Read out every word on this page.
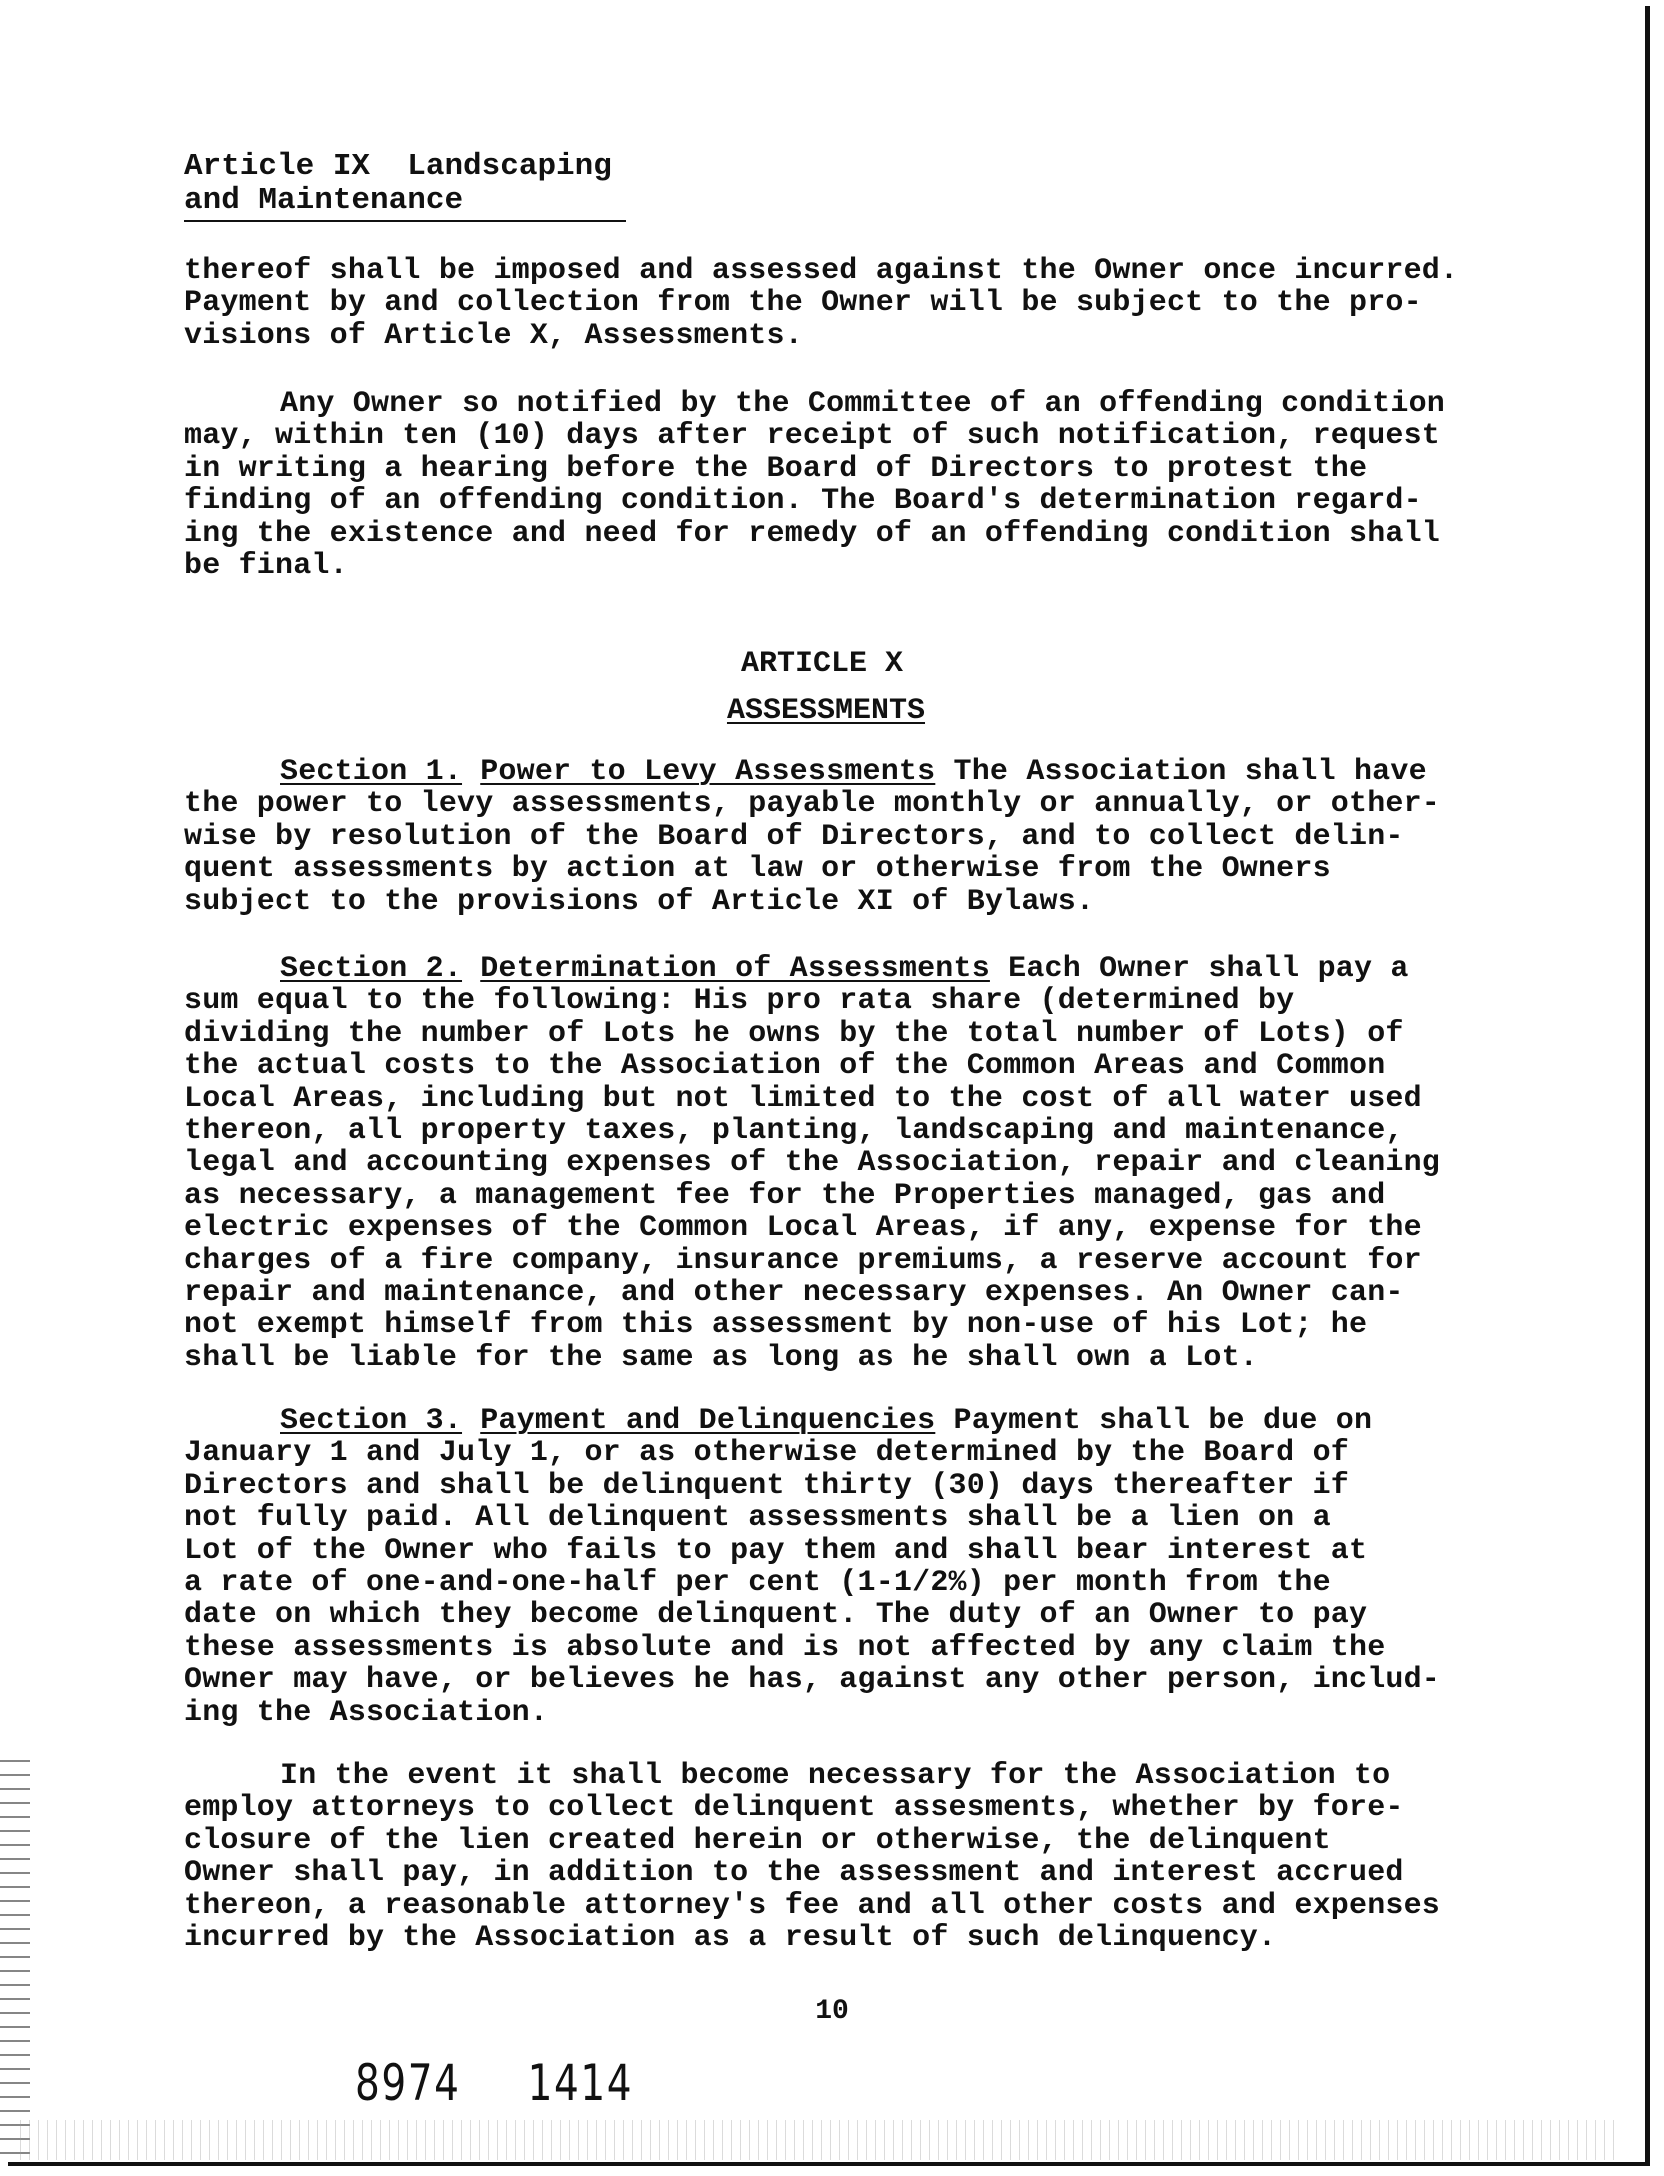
Article IX  Landscaping
and Maintenance
thereof shall be imposed and assessed against the Owner once incurred.
Payment by and collection from the Owner will be subject to the pro-
visions of Article X, Assessments.
Any Owner so notified by the Committee of an offending condition
may, within ten (10) days after receipt of such notification, request
in writing a hearing before the Board of Directors to protest the
finding of an offending condition. The Board's determination regard-
ing the existence and need for remedy of an offending condition shall
be final.
ARTICLE X
ASSESSMENTS
Section 1. Power to Levy Assessments The Association shall have
the power to levy assessments, payable monthly or annually, or other-
wise by resolution of the Board of Directors, and to collect delin-
quent assessments by action at law or otherwise from the Owners
subject to the provisions of Article XI of Bylaws.
Section 2. Determination of Assessments Each Owner shall pay a
sum equal to the following: His pro rata share (determined by
dividing the number of Lots he owns by the total number of Lots) of
the actual costs to the Association of the Common Areas and Common
Local Areas, including but not limited to the cost of all water used
thereon, all property taxes, planting, landscaping and maintenance,
legal and accounting expenses of the Association, repair and cleaning
as necessary, a management fee for the Properties managed, gas and
electric expenses of the Common Local Areas, if any, expense for the
charges of a fire company, insurance premiums, a reserve account for
repair and maintenance, and other necessary expenses. An Owner can-
not exempt himself from this assessment by non-use of his Lot; he
shall be liable for the same as long as he shall own a Lot.
Section 3. Payment and Delinquencies Payment shall be due on
January 1 and July 1, or as otherwise determined by the Board of
Directors and shall be delinquent thirty (30) days thereafter if
not fully paid. All delinquent assessments shall be a lien on a
Lot of the Owner who fails to pay them and shall bear interest at
a rate of one-and-one-half per cent (1-1/2%) per month from the
date on which they become delinquent. The duty of an Owner to pay
these assessments is absolute and is not affected by any claim the
Owner may have, or believes he has, against any other person, includ-
ing the Association.
In the event it shall become necessary for the Association to
employ attorneys to collect delinquent assesments, whether by fore-
closure of the lien created herein or otherwise, the delinquent
Owner shall pay, in addition to the assessment and interest accrued
thereon, a reasonable attorney's fee and all other costs and expenses
incurred by the Association as a result of such delinquency.
10
8974 1414
